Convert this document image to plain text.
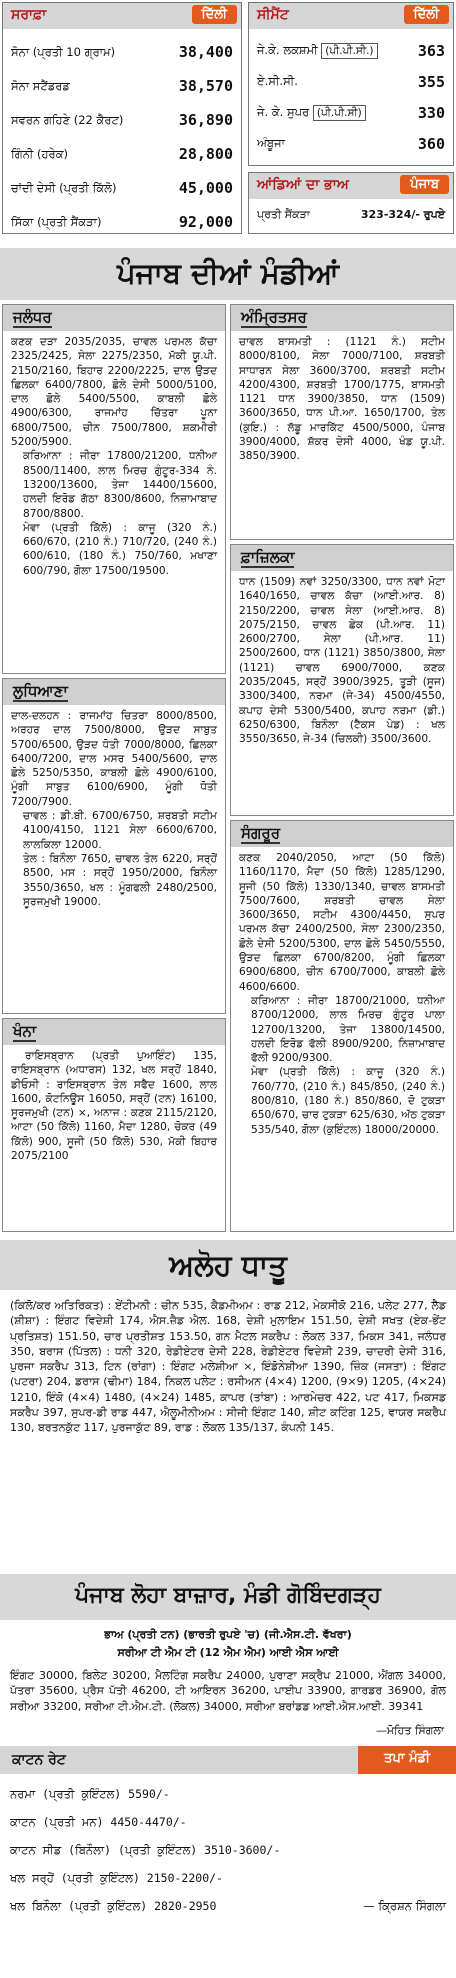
ਸਰਾਫ਼ਾ	ਦਿੱਲੀ
ਸੋਨਾ (ਪ੍ਰਤੀ 10 ਗ੍ਰਾਮ)	38,400
ਸੋਨਾ ਸਟੈਂਡਰਡ	38,570
ਸਵਰਨ ਗਹਿਣੇ (22 ਕੈਰਟ)	36,890
ਗਿੰਨੀ (ਹਰੇਕ)	28,800
ਚਾਂਦੀ ਦੇਸੀ (ਪ੍ਰਤੀ ਕਿੱਲੋ)	45,000
ਸਿੱਕਾ (ਪ੍ਰਤੀ ਸੈਂਕੜਾ)	92,000
ਸੀਮੈਂਟ	ਦਿੱਲੀ
ਜੇ.ਕੇ. ਲਕਸ਼ਮੀ (ਪੀ.ਪੀ.ਸੀ.)	363
ਏ.ਸੀ.ਸੀ.	355
ਜੇ. ਕੇ. ਸੁਪਰ (ਪੀ.ਪੀ.ਸੀ)	330
ਅੰਬੂਜਾ	360
ਆਂਡਿਆਂ ਦਾ ਭਾਅ	ਪੰਜਾਬ
ਪ੍ਰਤੀ ਸੈਂਕੜਾ	323-324/- ਰੁਪਏ
ਪੰਜਾਬ ਦੀਆਂ ਮੰਡੀਆਂ
ਜਲੰਧਰ
ਕਣਕ ਦੜਾ 2035/2035, ਚਾਵਲ ਪਰਮਲ ਕੱਚਾ 2325/2425, ਸੇਲਾ 2275/2350, ਮੱਕੀ ਯੂ.ਪੀ. 2150/2160, ਬਿਹਾਰ 2200/2225, ਦਾਲ ਉੜਦ ਛਿਲਕਾ 6400/7800, ਛੋਲੇ ਦੇਸੀ 5000/5100, ਦਾਲ ਛੋਲੇ 5400/5500, ਕਾਬਲੀ ਛੋਲੇ 4900/6300, ਰਾਜਮਾਂਹ ਚਿੱਤਰਾ ਪੂਨਾ 6800/7500, ਚੀਨ 7500/7800, ਸ਼ਕਮੀਰੀ 5200/5900.
ਕਰਿਆਨਾ : ਜੀਰਾ 17800/21200, ਧਨੀਆ 8500/11400, ਲਾਲ ਮਿਰਚ ਗੁੰਟੂਰ-334 ਨੰ. 13200/13600, ਤੇਜਾ 14400/15600, ਹਲਦੀ ਇਰੋਡ ਗੱਠਾ 8300/8600, ਨਿਜ਼ਾਮਾਬਾਦ 8700/8800.
ਮੇਵਾ (ਪ੍ਰਤੀ ਕਿੱਲੋ) : ਕਾਜੂ (320 ਨੰ.) 660/670, (210 ਨੰ.) 710/720, (240 ਨੰ.) 600/610, (180 ਨੰ.) 750/760, ਮਖਾਣਾ 600/790, ਗੋਲਾ 17500/19500.
ਲੁਧਿਆਣਾ
ਦਾਲ-ਦਲਹਨ : ਰਾਜਮਾਂਹ ਚਿਤਰਾ 8000/8500, ਅਰਹਰ ਦਾਲ 7500/8000, ਉੜਦ ਸਾਬੁਤ 5700/6500, ਉੜਦ ਧੋਤੀ 7000/8000, ਛਿਲਕਾ 6400/7200, ਦਾਲ ਮਸਰ 5400/5600, ਦਾਲ ਛੋਲੇ 5250/5350, ਕਾਬਲੀ ਛੋਲੇ 4900/6100, ਮੂੰਗੀ ਸਾਬੁਤ 6100/6900, ਮੂੰਗੀ ਧੋਤੀ 7200/7900.
ਚਾਵਲ : ਡੀ.ਬੀ. 6700/6750, ਸ਼ਰਬਤੀ ਸਟੀਮ 4100/4150, 1121 ਸੇਲਾ 6600/6700, ਲਾਲਕਿਲਾ 12000.
ਤੇਲ : ਬਿਨੌਲਾ 7650, ਚਾਵਲ ਤੇਲ 6220, ਸਰ੍ਹੋਂ 8500, ਮਸ : ਸਰ੍ਹੋਂ 1950/2000, ਬਿਨੌਲਾ 3550/3650, ਖਲ : ਮੂੰਗਫਲੀ 2480/2500, ਸੂਰਜਮੁਖੀ 19000.
ਖੰਨਾ
ਰਾਇਸਬ੍ਰਾਨ (ਪ੍ਰਤੀ ਪੁਆਇੰਟ) 135, ਰਾਇਸਬ੍ਰਾਨ (ਅਧਾਰਸ) 132, ਖਲ ਸਰ੍ਹੋਂ 1840, ਡੀਓਸੀ : ਰਾਇਸਬ੍ਰਾਨ ਤੇਲ ਸਫੈਦ 1600, ਲਾਲ 1600, ਕੋਟਨਿਊਸ 16050, ਸਰ੍ਹੋਂ (ਟਨ) 16100, ਸੂਰਜਮੁਖੀ (ਟਨ) ×, ਅਨਾਜ : ਕਣਕ 2115/2120, ਆਟਾ (50 ਕਿੱਲੋ) 1160, ਮੈਦਾ 1280, ਚੋਕਰ (49 ਕਿੱਲੋ) 900, ਸੂਜੀ (50 ਕਿੱਲੋ) 530, ਮੱਕੀ ਬਿਹਾਰ 2075/2100
ਅੰਮ੍ਰਿਤਸਰ
ਚਾਵਲ ਬਾਸਮਤੀ : (1121 ਨੰ.) ਸਟੀਮ 8000/8100, ਸੇਲਾ 7000/7100, ਸ਼ਰਬਤੀ ਸਾਧਾਰਨ ਸੇਲਾ 3600/3700, ਸ਼ਰਬਤੀ ਸਟੀਮ 4200/4300, ਸ਼ਰਬਤੀ 1700/1775, ਬਾਸਮਤੀ 1121 ਧਾਨ 3900/3850, ਧਾਨ (1509) 3600/3650, ਧਾਨ ਪੀ.ਆ. 1650/1700, ਤੇਲ (ਕੁਇ.) : ਲੱਡੂ ਮਾਰਕਿੱਟ 4500/5000, ਪੰਜਾਬ 3900/4000, ਸ਼ੱਕਰ ਦੇਸੀ 4000, ਖੰਡ ਯੂ.ਪੀ. 3850/3900.
ਫ਼ਾਜ਼ਿਲਕਾ
ਧਾਨ (1509) ਨਵਾਂ 3250/3300, ਧਾਨ ਨਵਾਂ ਮੋਟਾ 1640/1650, ਚਾਵਲ ਕੱਚਾ (ਆਈ.ਆਰ. 8) 2150/2200, ਚਾਵਲ ਸੇਲਾ (ਆਈ.ਆਰ. 8) 2075/2150, ਚਾਵਲ ਛੇਕ (ਪੀ.ਆਰ. 11) 2600/2700, ਸੇਲਾ (ਪੀ.ਆਰ. 11) 2500/2600, ਧਾਨ (1121) 3850/3800, ਸੇਲਾ (1121) ਚਾਵਲ 6900/7000, ਕਣਕ 2035/2045, ਸਰ੍ਹੋਂ 3900/3925, ਤੂੜੀ (ਸੂਜ) 3300/3400, ਨਰਮਾ (ਜੇ-34) 4500/4550, ਕਪਾਹ ਦੇਸੀ 5300/5400, ਕਪਾਹ ਨਰਮਾ (ਡੀ.) 6250/6300, ਬਿਨੌਲਾ (ਟੈਕਸ ਪੇਡ) : ਖਲ 3550/3650, ਜੇ-34 (ਚਿਲਕੀ) 3500/3600.
ਸੰਗਰੂਰ
ਕਣਕ 2040/2050, ਆਟਾ (50 ਕਿੱਲੋ) 1160/1170, ਮੈਦਾ (50 ਕਿੱਲੋ) 1285/1290, ਸੂਜੀ (50 ਕਿੱਲੋ) 1330/1340, ਚਾਵਲ ਬਾਸਮਤੀ 7500/7600, ਸ਼ਰਬਤੀ ਚਾਵਲ ਸੇਲਾ 3600/3650, ਸਟੀਮ 4300/4450, ਸੁਪਰ ਪਰਮਲ ਕੱਚਾ 2400/2500, ਸੇਲਾ 2300/2350, ਛੋਲੇ ਦੇਸੀ 5200/5300, ਦਾਲ ਛੋਲੇ 5450/5550, ਉੜਦ ਛਿਲਕਾ 6700/8200, ਮੂੰਗੀ ਛਿਲਕਾ 6900/6800, ਚੀਨ 6700/7000, ਕਾਬਲੀ ਛੋਲੇ 4600/6600.
ਕਰਿਆਨਾ : ਜੀਰਾ 18700/21000, ਧਨੀਆ 8700/12000, ਲਾਲ ਮਿਰਚ ਗੁੰਟੂਰ ਪਾਲਾ 12700/13200, ਤੇਜਾ 13800/14500, ਹਲਦੀ ਇਰੋਡ ਫੱਲੀ 8900/9200, ਨਿਜ਼ਾਮਾਬਾਦ ਫੱਲੀ 9200/9300.
ਮੇਵਾ (ਪ੍ਰਤੀ ਕਿੱਲੋ) : ਕਾਜੂ (320 ਨੰ.) 760/770, (210 ਨੰ.) 845/850, (240 ਨੰ.) 800/810, (180 ਨੰ.) 850/860, ਦੋ ਟੁਕੜਾ 650/670, ਚਾਰ ਟੁਕੜਾ 625/630, ਅੱਠ ਟੁਕੜਾ 535/540, ਗੋਲਾ (ਕੁਇੰਟਲ) 18000/20000.
ਅਲੋਹ ਧਾਤੂ
(ਕਿਲੋ/ਕਰ ਅਤਿਰਿਕਤ) : ਏਂਟੀਮਨੀ : ਚੀਨ 535, ਕੈਡਮੀਅਮ : ਰਾਡ 212, ਮੇਕਸੀਕੋ 216, ਪਲੇਟ 277, ਲੈਡ (ਸ਼ੀਸ਼ਾ) : ਇੰਗਟ ਵਿਦੇਸ਼ੀ 174, ਐਸ.ਜ਼ੈਡ ਐਲ. 168, ਦੇਸ਼ੀ ਮੁਲਾਇਮ 151.50, ਦੇਸ਼ੀ ਸਖਤ (ਏਕ-ਭੇਂਟ ਪ੍ਰਤਿਸ਼ਤ) 151.50, ਚਾਰ ਪ੍ਰਤੀਸ਼ਤ 153.50, ਗਨ ਮੈਟਲ ਸਕਰੈਪ : ਲੋਕਲ 337, ਮਿਕਸ 341, ਜਲੰਧਰ 350, ਬਰਾਸ (ਪਿੱਤਲ) : ਧਨੀ 320, ਰੇਡੀਏਟਰ ਦੇਸੀ 228, ਰੇਡੀਏਟਰ ਵਿਦੇਸ਼ੀ 239, ਚਾਦਰੀ ਦੇਸੀ 316, ਪੁਰਜਾ ਸਕਰੈਪ 313, ਟਿਨ (ਰਾਂਗਾ) : ਇੰਗਟ ਮਲੇਸ਼ੀਆ ×, ਇੰਡੋਨੇਸ਼ੀਆ 1390, ਜ਼ਿੰਕ (ਜਸਤਾ) : ਇੰਗਟ (ਪਟਰਾ) 204, ਡਰਾਸ (ਢੀਮਾ) 184, ਨਿਕਲ ਪਲੇਟ : ਰਸੀਅਨ (4×4) 1200, (9×9) 1205, (4×24) 1210, ਇੰਕੋ (4×4) 1480, (4×24) 1485, ਕਾਪਰ (ਤਾਂਬਾ) : ਆਰਮੇਚਰ 422, ਪਟ 417, ਮਿਕਸਡ ਸਕਰੈਪ 397, ਸੁਪਰ-ਡੀ ਰਾਡ 447, ਐਲੂਮੀਨੀਅਮ : ਸੀਜੀ ਇੰਗਟ 140, ਸ਼ੀਟ ਕਟਿੰਗ 125, ਵਾਯਰ ਸਕਰੈਪ 130, ਬਰਤਨਕੁੱਟ 117, ਪੁਰਜਾਕੁੱਟ 89, ਰਾਡ : ਲੋਕਲ 135/137, ਕੰਪਨੀ 145.
ਪੰਜਾਬ ਲੋਹਾ ਬਾਜ਼ਾਰ, ਮੰਡੀ ਗੋਬਿੰਦਗੜ੍ਹ
ਭਾਅ (ਪ੍ਰਤੀ ਟਨ) (ਭਾਰਤੀ ਰੁਪਏ 'ਚ) (ਜੀ.ਐਸ.ਟੀ. ਵੱਖਰਾ)
ਸਰੀਆ ਟੀ ਐਮ ਟੀ (12 ਐਮ ਐਮ) ਆਈ ਐਸ ਆਈ
ਇੰਗਟ 30000, ਬਿਲੇਟ 30200, ਮੈਲਟਿੰਗ ਸਕਰੈਪ 24000, ਪੁਰਾਣਾ ਸਕ੍ਰੈਪ 21000, ਐਂਗਲ 34000, ਪੱਤਰਾ 35600, ਪ੍ਰੈਸ ਪੱਤੀ 46200, ਟੀ ਆਇਰਨ 36200, ਪਾਈਪ 33900, ਗਾਰਡਰ 36900, ਗੋਲ ਸਰੀਆ 33200, ਸਰੀਆ ਟੀ.ਐਮ.ਟੀ. (ਲੋਕਲ) 34000, ਸਰੀਆ ਬਰਾਂਡਡ ਆਈ.ਐਸ.ਆਈ. 39341
—ਮੋਹਿਤ ਸਿੰਗਲਾ
ਕਾਟਨ ਰੇਟ	ਤਪਾ ਮੰਡੀ
ਨਰਮਾ (ਪ੍ਰਤੀ ਕੁਇੰਟਲ) 5590/-
ਕਾਟਨ (ਪ੍ਰਤੀ ਮਨ) 4450-4470/-
ਕਾਟਨ ਸੀਡ (ਬਿਨੌਲਾ) (ਪ੍ਰਤੀ ਕੁਇੰਟਲ) 3510-3600/-
ਖਲ ਸਰ੍ਹੋਂ (ਪ੍ਰਤੀ ਕੁਇੰਟਲ) 2150-2200/-
ਖਲ ਬਿਨੌਲਾ (ਪ੍ਰਤੀ ਕੁਇੰਟਲ) 2820-2950	— ਕ੍ਰਿਸ਼ਨ ਸਿੰਗਲਾ
